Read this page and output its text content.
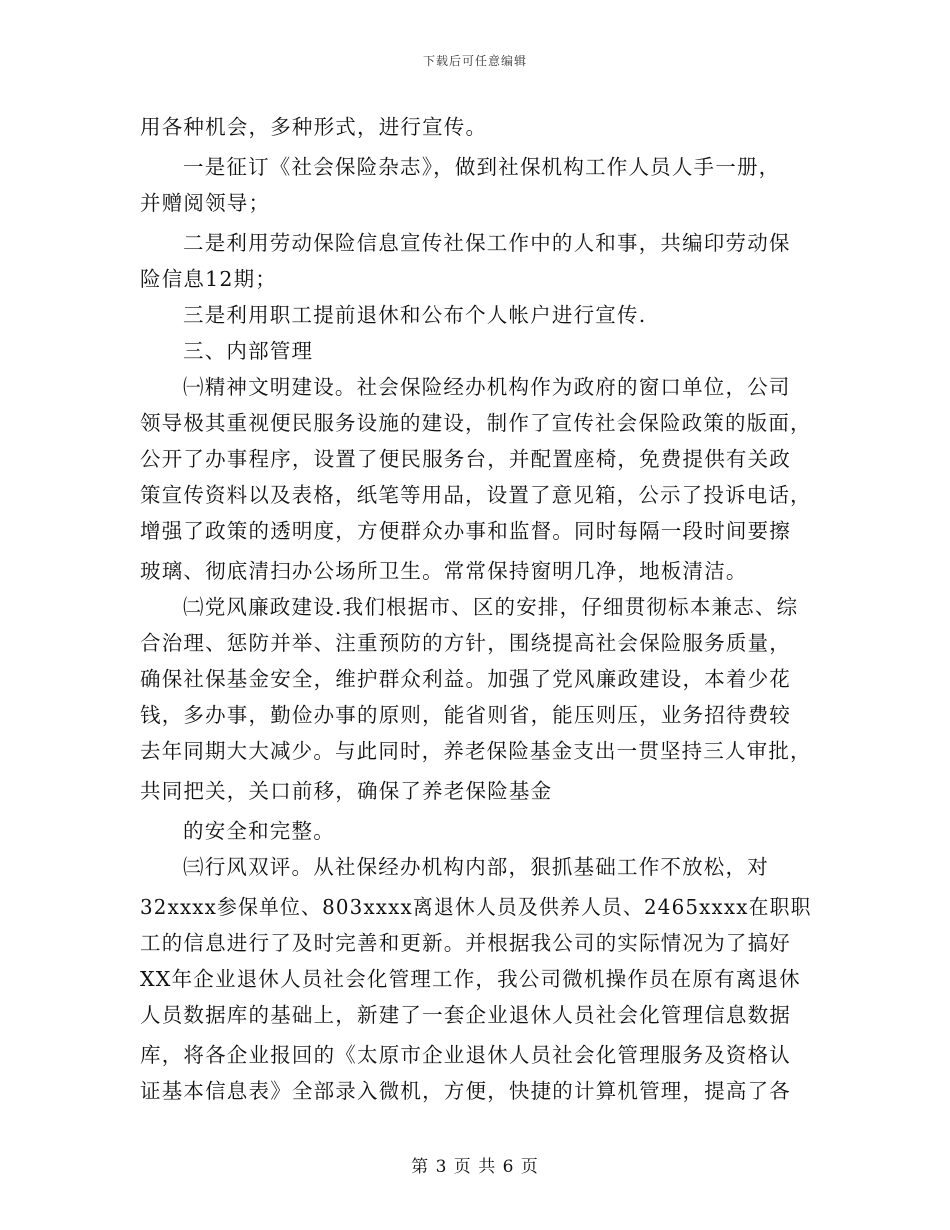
下载后可任意编辑
用各种机会，多种形式，进行宣传。
一是征订《社会保险杂志》，做到社保机构工作人员人手一册，
并赠阅领导；
二是利用劳动保险信息宣传社保工作中的人和事，共编印劳动保
险信息12期；
三是利用职工提前退休和公布个人帐户进行宣传.
三、内部管理
㈠精神文明建设。社会保险经办机构作为政府的窗口单位，公司
领导极其重视便民服务设施的建设，制作了宣传社会保险政策的版面，
公开了办事程序，设置了便民服务台，并配置座椅，免费提供有关政
策宣传资料以及表格，纸笔等用品，设置了意见箱，公示了投诉电话，
增强了政策的透明度，方便群众办事和监督。同时每隔一段时间要擦
玻璃、彻底清扫办公场所卫生。常常保持窗明几净，地板清洁。
㈡党风廉政建设.我们根据市、区的安排，仔细贯彻标本兼志、综
合治理、惩防并举、注重预防的方针，围绕提高社会保险服务质量，
确保社保基金安全，维护群众利益。加强了党风廉政建设，本着少花
钱，多办事，勤俭办事的原则，能省则省，能压则压，业务招待费较
去年同期大大减少。与此同时，养老保险基金支出一贯坚持三人审批，
共同把关，关口前移，确保了养老保险基金
的安全和完整。
㈢行风双评。从社保经办机构内部，狠抓基础工作不放松，对
32xxxx参保单位、803xxxx离退休人员及供养人员、2465xxxx在职职
工的信息进行了及时完善和更新。并根据我公司的实际情况为了搞好
XX年企业退休人员社会化管理工作，我公司微机操作员在原有离退休
人员数据库的基础上，新建了一套企业退休人员社会化管理信息数据
库，将各企业报回的《太原市企业退休人员社会化管理服务及资格认
证基本信息表》全部录入微机，方便，快捷的计算机管理，提高了各
第 3 页 共 6 页
